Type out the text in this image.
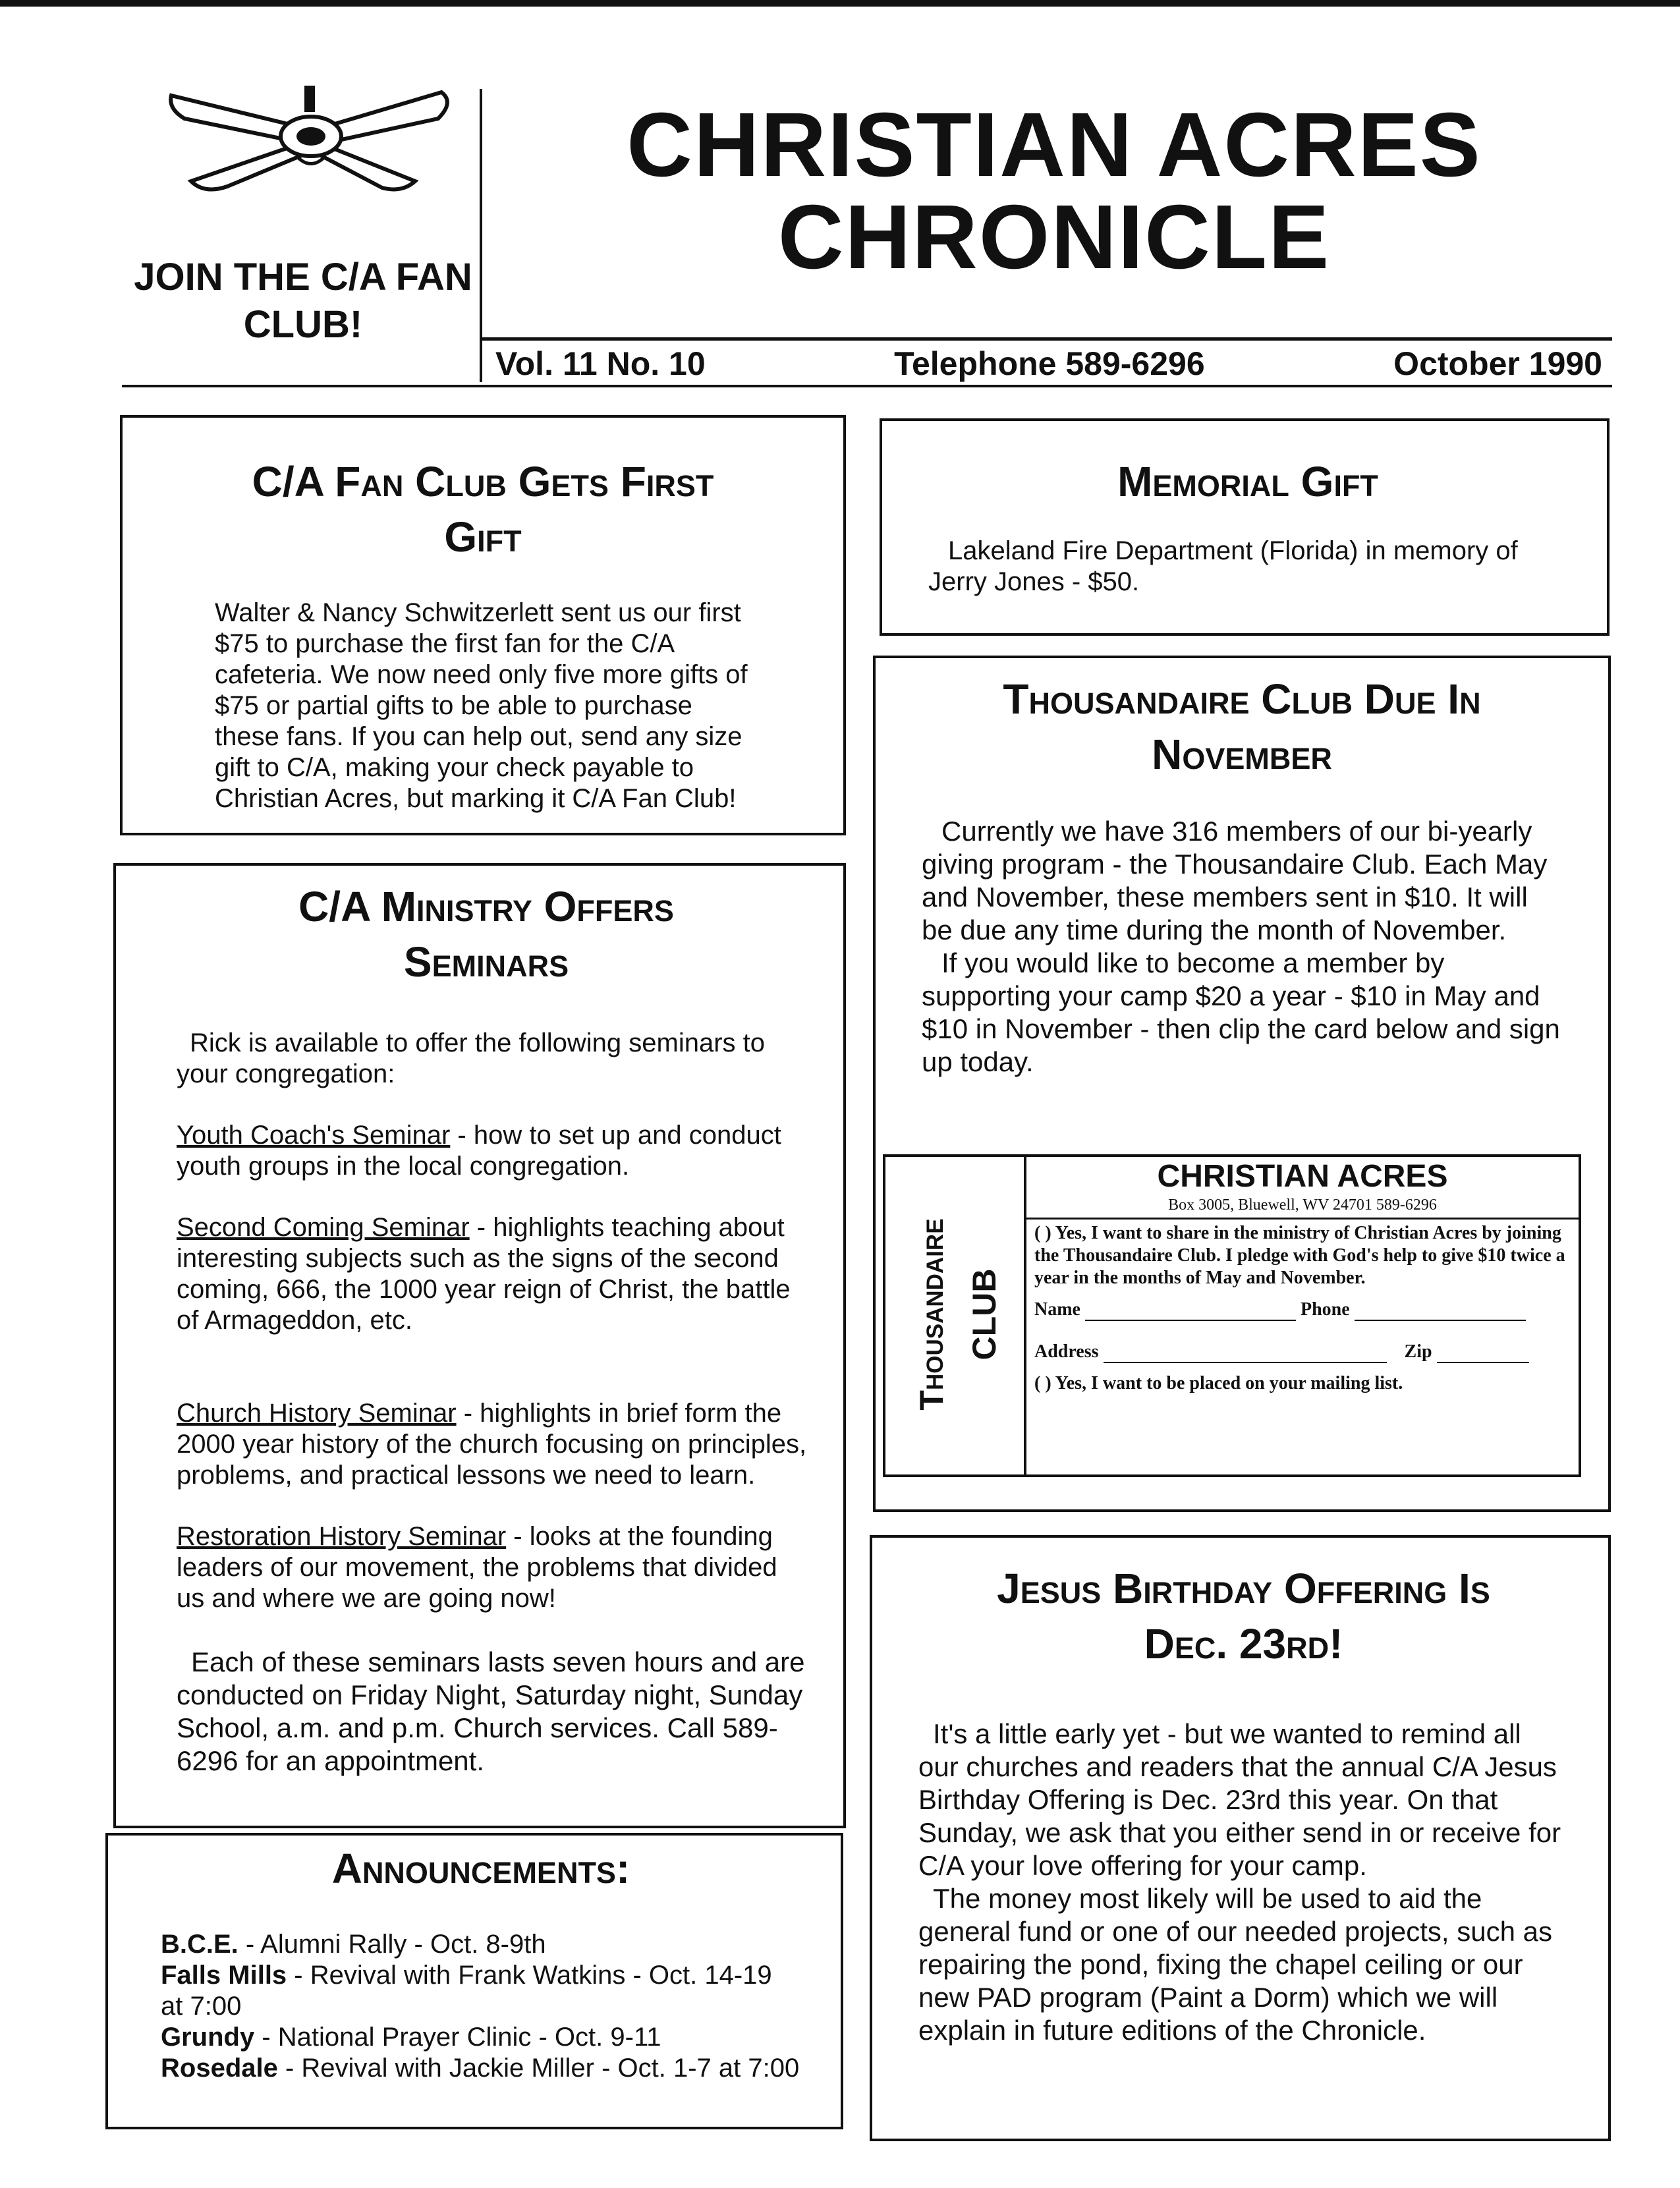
JOIN THE C/A FAN CLUB!
CHRISTIAN ACRES
CHRONICLE
Vol. 11 No. 10	Telephone 589-6296	October 1990
C/A Fan Club Gets First Gift
Walter & Nancy Schwitzerlett sent us our first $75 to purchase the first fan for the C/A cafeteria. We now need only five more gifts of $75 or partial gifts to be able to purchase these fans. If you can help out, send any size gift to C/A, making your check payable to Christian Acres, but marking it C/A Fan Club!
C/A Ministry Offers Seminars
Rick is available to offer the following seminars to your congregation:
Youth Coach's Seminar - how to set up and conduct youth groups in the local congregation.
Second Coming Seminar - highlights teaching about interesting subjects such as the signs of the second coming, 666, the 1000 year reign of Christ, the battle of Armageddon, etc.
Church History Seminar - highlights in brief form the 2000 year history of the church focusing on principles, problems, and practical lessons we need to learn.
Restoration History Seminar - looks at the founding leaders of our movement, the problems that divided us and where we are going now!
Each of these seminars lasts seven hours and are conducted on Friday Night, Saturday night, Sunday School, a.m. and p.m. Church services. Call 589-6296 for an appointment.
Announcements:
B.C.E. - Alumni Rally - Oct. 8-9th
Falls Mills - Revival with Frank Watkins - Oct. 14-19 at 7:00
Grundy - National Prayer Clinic - Oct. 9-11
Rosedale - Revival with Jackie Miller - Oct. 1-7 at 7:00
Memorial Gift
Lakeland Fire Department (Florida) in memory of Jerry Jones - $50.
Thousandaire Club Due In November
Currently we have 316 members of our bi-yearly giving program - the Thousandaire Club. Each May and November, these members sent in $10. It will be due any time during the month of November.
If you would like to become a member by supporting your camp $20 a year - $10 in May and $10 in November - then clip the card below and sign up today.
Thousandaire CLUB
CHRISTIAN ACRES
Box 3005, Bluewell, WV 24701 589-6296
( ) Yes, I want to share in the ministry of Christian Acres by joining the Thousandaire Club. I pledge with God's help to give $10 twice a year in the months of May and November.
Name	Phone
Address	Zip
( ) Yes, I want to be placed on your mailing list.
Jesus Birthday Offering Is Dec. 23rd!
It's a little early yet - but we wanted to remind all our churches and readers that the annual C/A Jesus Birthday Offering is Dec. 23rd this year. On that Sunday, we ask that you either send in or receive for C/A your love offering for your camp.
The money most likely will be used to aid the general fund or one of our needed projects, such as repairing the pond, fixing the chapel ceiling or our new PAD program (Paint a Dorm) which we will explain in future editions of the Chronicle.
